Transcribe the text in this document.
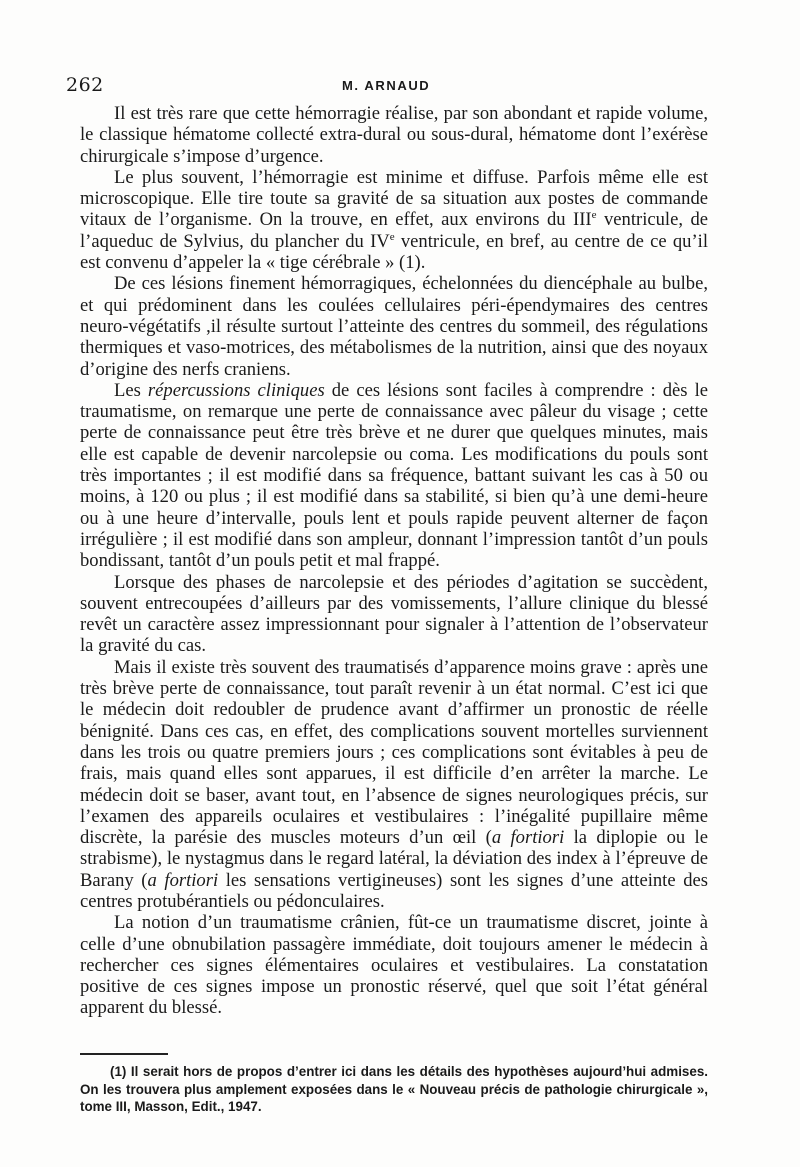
262	M. ARNAUD

Il est très rare que cette hémorragie réalise, par son abondant et rapide volume, le classique hématome collecté extra-dural ou sous-dural, hématome dont l’exérèse chirurgicale s’impose d’urgence.

Le plus souvent, l’hémorragie est minime et diffuse. Parfois même elle est microscopique. Elle tire toute sa gravité de sa situation aux postes de commande vitaux de l’organisme. On la trouve, en effet, aux environs du IIIe ventricule, de l’aqueduc de Sylvius, du plancher du IVe ventricule, en bref, au centre de ce qu’il est convenu d’appeler la « tige cérébrale » (1).

De ces lésions finement hémorragiques, échelonnées du diencéphale au bulbe, et qui prédominent dans les coulées cellulaires péri-épendymaires des centres neuro-végétatifs ,il résulte surtout l’atteinte des centres du sommeil, des régulations thermiques et vaso-motrices, des métabolismes de la nutrition, ainsi que des noyaux d’origine des nerfs craniens.

Les répercussions cliniques de ces lésions sont faciles à comprendre : dès le traumatisme, on remarque une perte de connaissance avec pâleur du visage ; cette perte de connaissance peut être très brève et ne durer que quelques minutes, mais elle est capable de devenir narcolepsie ou coma. Les modifications du pouls sont très importantes ; il est modifié dans sa fréquence, battant suivant les cas à 50 ou moins, à 120 ou plus ; il est modifié dans sa stabilité, si bien qu’à une demi-heure ou à une heure d’intervalle, pouls lent et pouls rapide peuvent alterner de façon irrégulière ; il est modifié dans son ampleur, donnant l’impression tantôt d’un pouls bondissant, tantôt d’un pouls petit et mal frappé.

Lorsque des phases de narcolepsie et des périodes d’agitation se succèdent, souvent entrecoupées d’ailleurs par des vomissements, l’allure clinique du blessé revêt un caractère assez impressionnant pour signaler à l’attention de l’observateur la gravité du cas.

Mais il existe très souvent des traumatisés d’apparence moins grave : après une très brève perte de connaissance, tout paraît revenir à un état normal. C’est ici que le médecin doit redoubler de prudence avant d’affirmer un pronostic de réelle bénignité. Dans ces cas, en effet, des complications souvent mortelles surviennent dans les trois ou quatre premiers jours ; ces complications sont évitables à peu de frais, mais quand elles sont apparues, il est difficile d’en arrêter la marche. Le médecin doit se baser, avant tout, en l’absence de signes neurologiques précis, sur l’examen des appareils oculaires et vestibulaires : l’inégalité pupillaire même discrète, la parésie des muscles moteurs d’un œil (a fortiori la diplopie ou le strabisme), le nystagmus dans le regard latéral, la déviation des index à l’épreuve de Barany (a fortiori les sensations vertigineuses) sont les signes d’une atteinte des centres protubérantiels ou pédonculaires.

La notion d’un traumatisme crânien, fût-ce un traumatisme discret, jointe à celle d’une obnubilation passagère immédiate, doit toujours amener le médecin à rechercher ces signes élémentaires oculaires et vestibulaires. La constatation positive de ces signes impose un pronostic réservé, quel que soit l’état général apparent du blessé.

(1) Il serait hors de propos d’entrer ici dans les détails des hypothèses aujourd’hui admises. On les trouvera plus amplement exposées dans le « Nouveau précis de pathologie chirurgicale », tome III, Masson, Edit., 1947.
